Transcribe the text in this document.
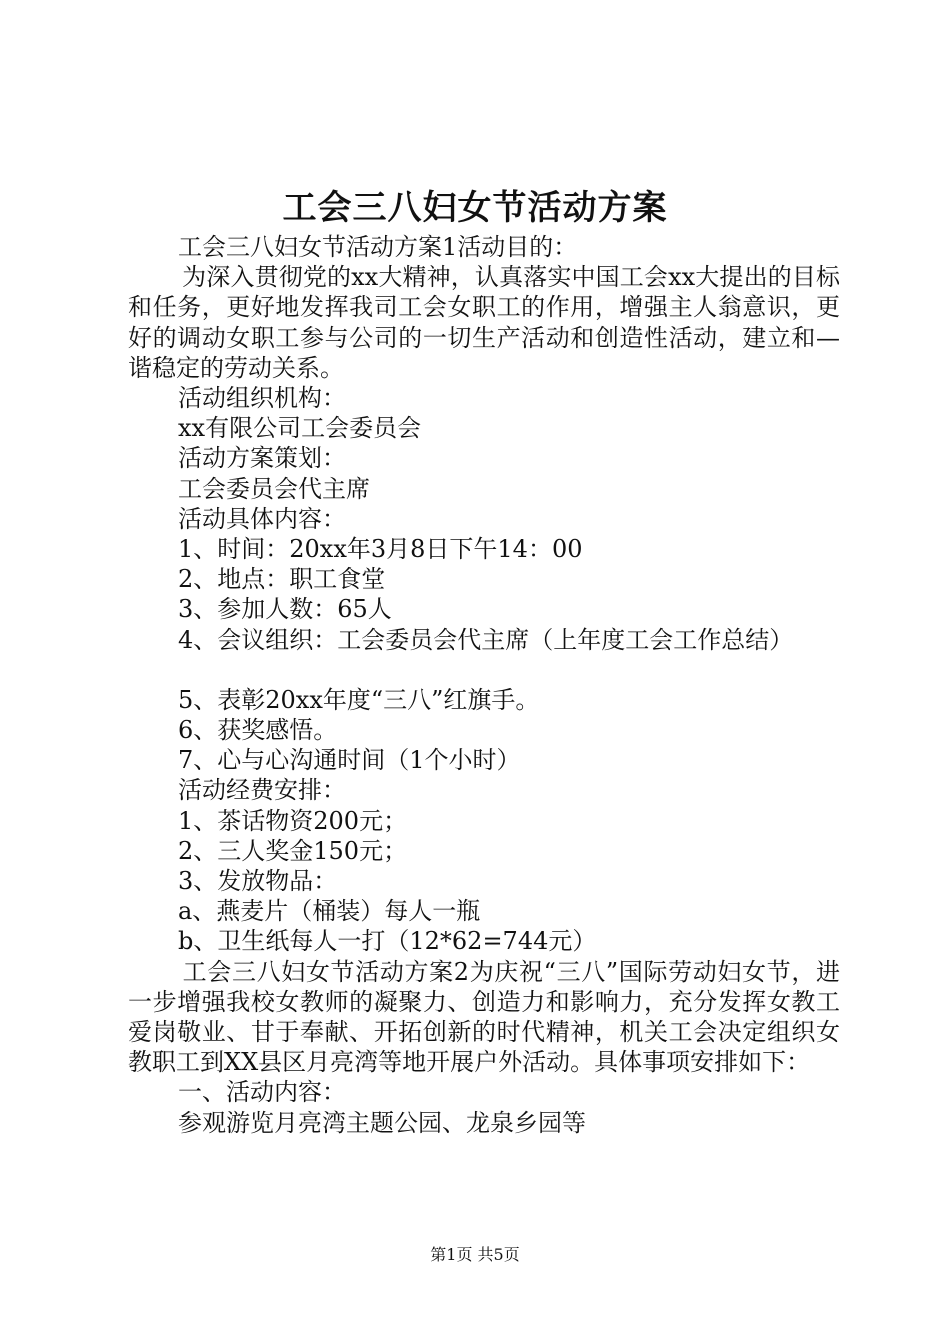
工会三八妇女节活动方案
工会三八妇女节活动方案1活动目的：
为深入贯彻党的xx大精神，认真落实中国工会xx大提出的目标和任务，更好地发挥我司工会女职工的作用，增强主人翁意识，更好的调动女职工参与公司的一切生产活动和创造性活动，建立和—谐稳定的劳动关系。
活动组织机构：
xx有限公司工会委员会
活动方案策划：
工会委员会代主席
活动具体内容：
1、时间：20xx年3月8日下午14：00
2、地点：职工食堂
3、参加人数：65人
4、会议组织：工会委员会代主席（上年度工会工作总结）
5、表彰20xx年度“三八”红旗手。
6、获奖感悟。
7、心与心沟通时间（1个小时）
活动经费安排：
1、茶话物资200元；
2、三人奖金150元；
3、发放物品：
a、燕麦片（桶装）每人一瓶
b、卫生纸每人一打（12*62=744元）
工会三八妇女节活动方案2为庆祝“三八”国际劳动妇女节，进一步增强我校女教师的凝聚力、创造力和影响力，充分发挥女教工爱岗敬业、甘于奉献、开拓创新的时代精神，机关工会决定组织女教职工到XX县区月亮湾等地开展户外活动。具体事项安排如下：
一、活动内容：
参观游览月亮湾主题公园、龙泉乡园等
第1页 共5页
